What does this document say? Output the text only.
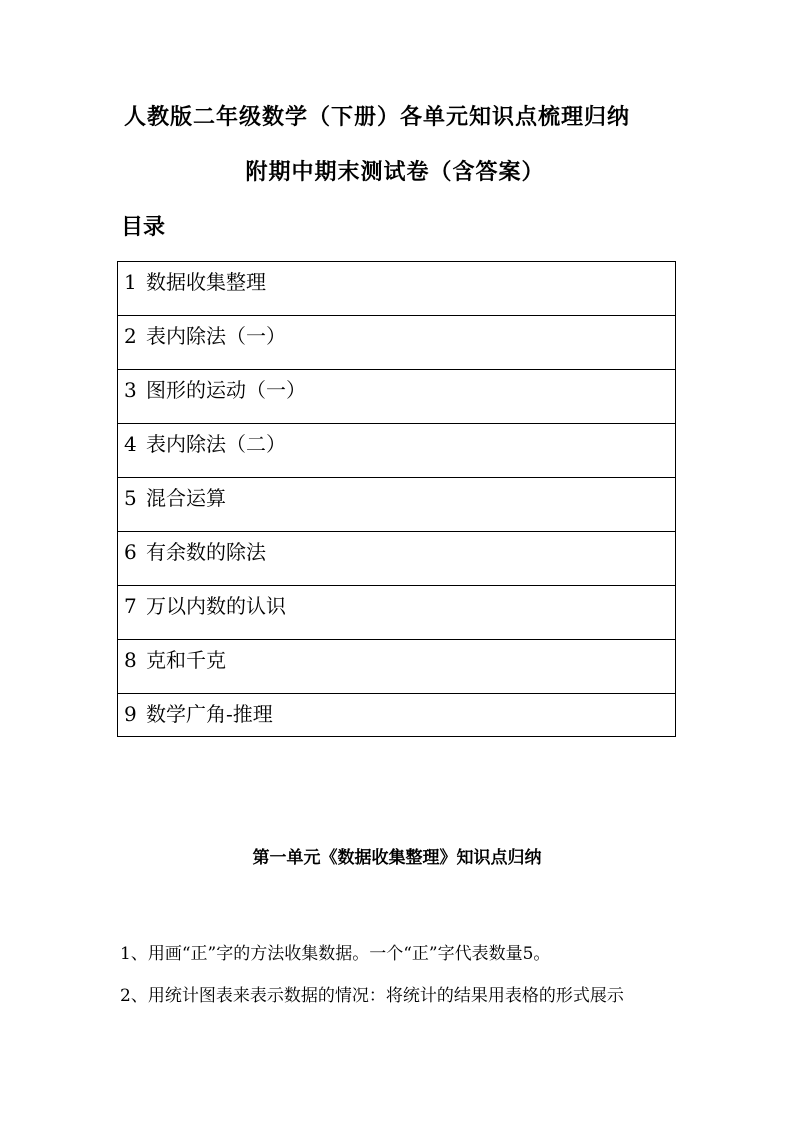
人教版二年级数学（下册）各单元知识点梳理归纳
附期中期末测试卷（含答案）
目录
1 数据收集整理

2 表内除法（一）

3 图形的运动（一）

4 表内除法（二）

5 混合运算

6 有余数的除法

7 万以内数的认识

8 克和千克

9 数学广角-推理
第一单元《数据收集整理》知识点归纳
1、用画“正”字的方法收集数据。一个“正”字代表数量5。
2、用统计图表来表示数据的情况：将统计的结果用表格的形式展示
